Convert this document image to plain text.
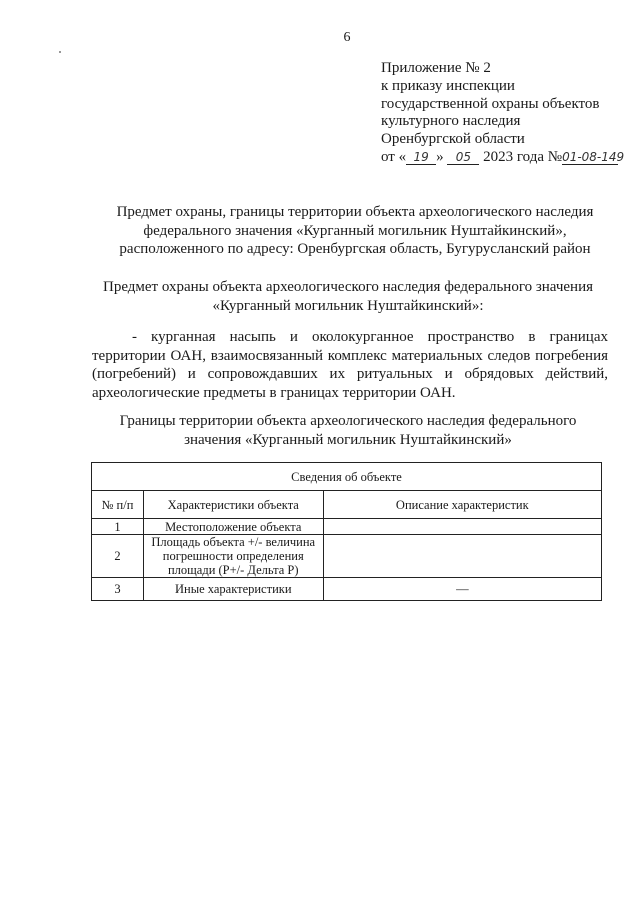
6
Приложение № 2
к приказу инспекции
государственной охраны объектов
культурного наследия
Оренбургской области
от « 19 » 05 2023 года №01-08-149
Предмет охраны, границы территории объекта археологического наследия
федерального значения «Курганный могильник Нуштайкинский»,
расположенного по адресу: Оренбургская область, Бугурусланский район
Предмет охраны объекта археологического наследия федерального значения
«Курганный могильник Нуштайкинский»:
- курганная насыпь и околокурганное пространство в границах территории ОАН, взаимосвязанный комплекс материальных следов погребения (погребений) и сопровождавших их ритуальных и обрядовых действий, археологические предметы в границах территории ОАН.
Границы территории объекта археологического наследия федерального
значения «Курганный могильник Нуштайкинский»
Сведения об объекте		
№ п/п	Характеристики объекта	Описание характеристик
1	Местоположение объекта	
2	Площадь объекта +/- величина погрешности определения площади (Р+/- Дельта Р)	
3	Иные характеристики	—
